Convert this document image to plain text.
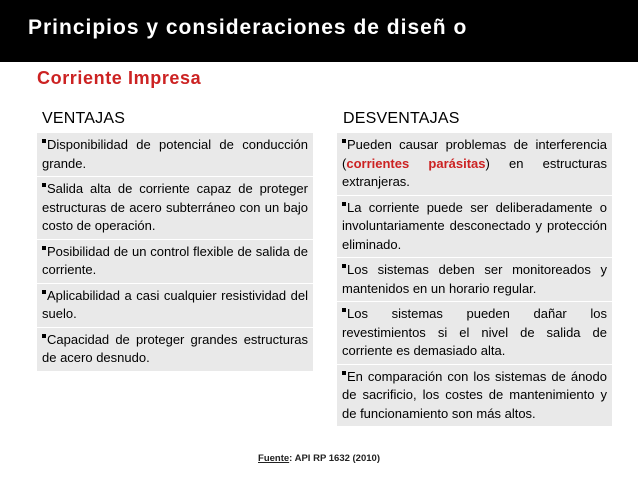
Principios y consideraciones de diseñ o
Corriente Impresa
VENTAJAS	DESVENTAJAS
Disponibilidad de potencial de conducción grande.
Salida alta de corriente capaz de proteger estructuras de acero subterráneo con un bajo costo de operación.
Posibilidad de un control flexible de salida de corriente.
Aplicabilidad a casi cualquier resistividad del suelo.
Capacidad de proteger grandes estructuras de acero desnudo.
Pueden causar problemas de interferencia (corrientes parásitas) en estructuras extranjeras.
La corriente puede ser deliberadamente o involuntariamente desconectado y protección eliminado.
Los sistemas deben ser monitoreados y mantenidos en un horario regular.
Los sistemas pueden dañar los revestimientos si el nivel de salida de corriente es demasiado alta.
En comparación con los sistemas de ánodo de sacrificio, los costes de mantenimiento y de funcionamiento son más altos.
Fuente: API RP 1632 (2010)
